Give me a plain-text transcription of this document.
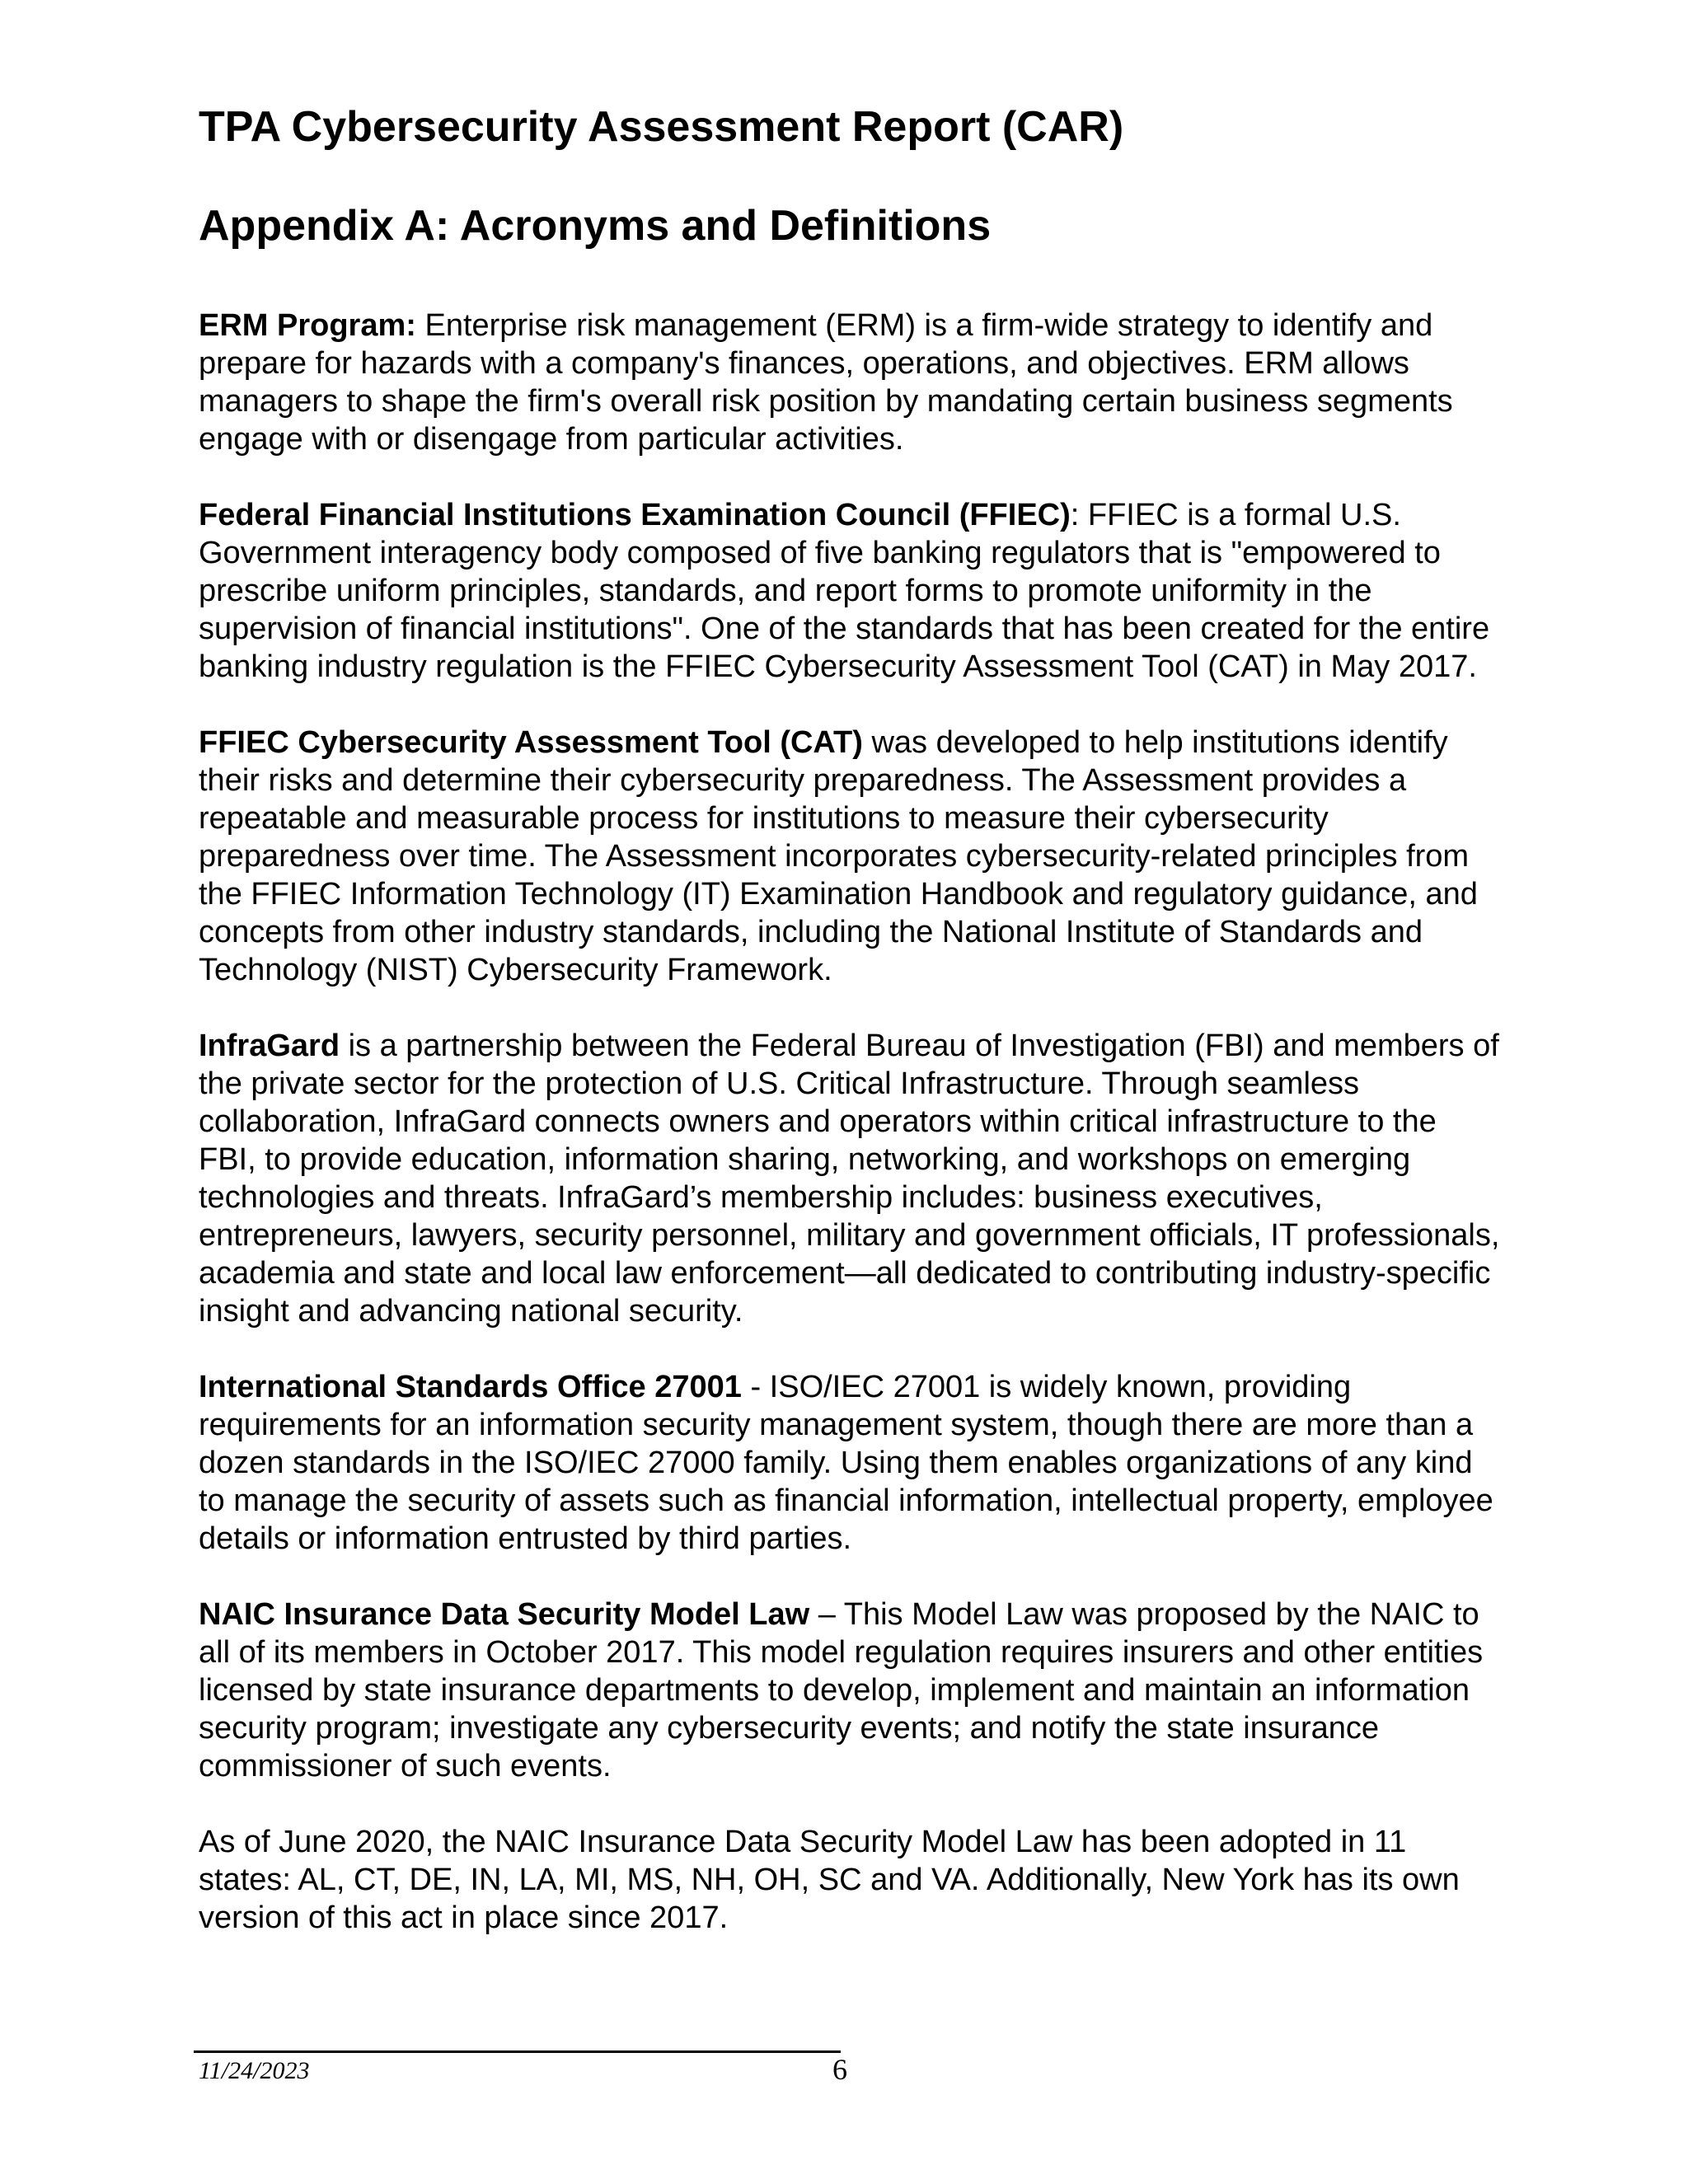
TPA Cybersecurity Assessment Report (CAR)
Appendix A: Acronyms and Definitions

ERM Program: Enterprise risk management (ERM) is a firm-wide strategy to identify and prepare for hazards with a company's finances, operations, and objectives. ERM allows managers to shape the firm's overall risk position by mandating certain business segments engage with or disengage from particular activities.

Federal Financial Institutions Examination Council (FFIEC): FFIEC is a formal U.S. Government interagency body composed of five banking regulators that is "empowered to prescribe uniform principles, standards, and report forms to promote uniformity in the supervision of financial institutions". One of the standards that has been created for the entire banking industry regulation is the FFIEC Cybersecurity Assessment Tool (CAT) in May 2017.

FFIEC Cybersecurity Assessment Tool (CAT) was developed to help institutions identify their risks and determine their cybersecurity preparedness. The Assessment provides a repeatable and measurable process for institutions to measure their cybersecurity preparedness over time. The Assessment incorporates cybersecurity-related principles from the FFIEC Information Technology (IT) Examination Handbook and regulatory guidance, and concepts from other industry standards, including the National Institute of Standards and Technology (NIST) Cybersecurity Framework.

InfraGard is a partnership between the Federal Bureau of Investigation (FBI) and members of the private sector for the protection of U.S. Critical Infrastructure. Through seamless collaboration, InfraGard connects owners and operators within critical infrastructure to the FBI, to provide education, information sharing, networking, and workshops on emerging technologies and threats. InfraGard’s membership includes: business executives, entrepreneurs, lawyers, security personnel, military and government officials, IT professionals, academia and state and local law enforcement—all dedicated to contributing industry-specific insight and advancing national security.

International Standards Office 27001 - ISO/IEC 27001 is widely known, providing requirements for an information security management system, though there are more than a dozen standards in the ISO/IEC 27000 family. Using them enables organizations of any kind to manage the security of assets such as financial information, intellectual property, employee details or information entrusted by third parties.

NAIC Insurance Data Security Model Law – This Model Law was proposed by the NAIC to all of its members in October 2017. This model regulation requires insurers and other entities licensed by state insurance departments to develop, implement and maintain an information security program; investigate any cybersecurity events; and notify the state insurance commissioner of such events.

As of June 2020, the NAIC Insurance Data Security Model Law has been adopted in 11 states: AL, CT, DE, IN, LA, MI, MS, NH, OH, SC and VA. Additionally, New York has its own version of this act in place since 2017.

11/24/2023	6
